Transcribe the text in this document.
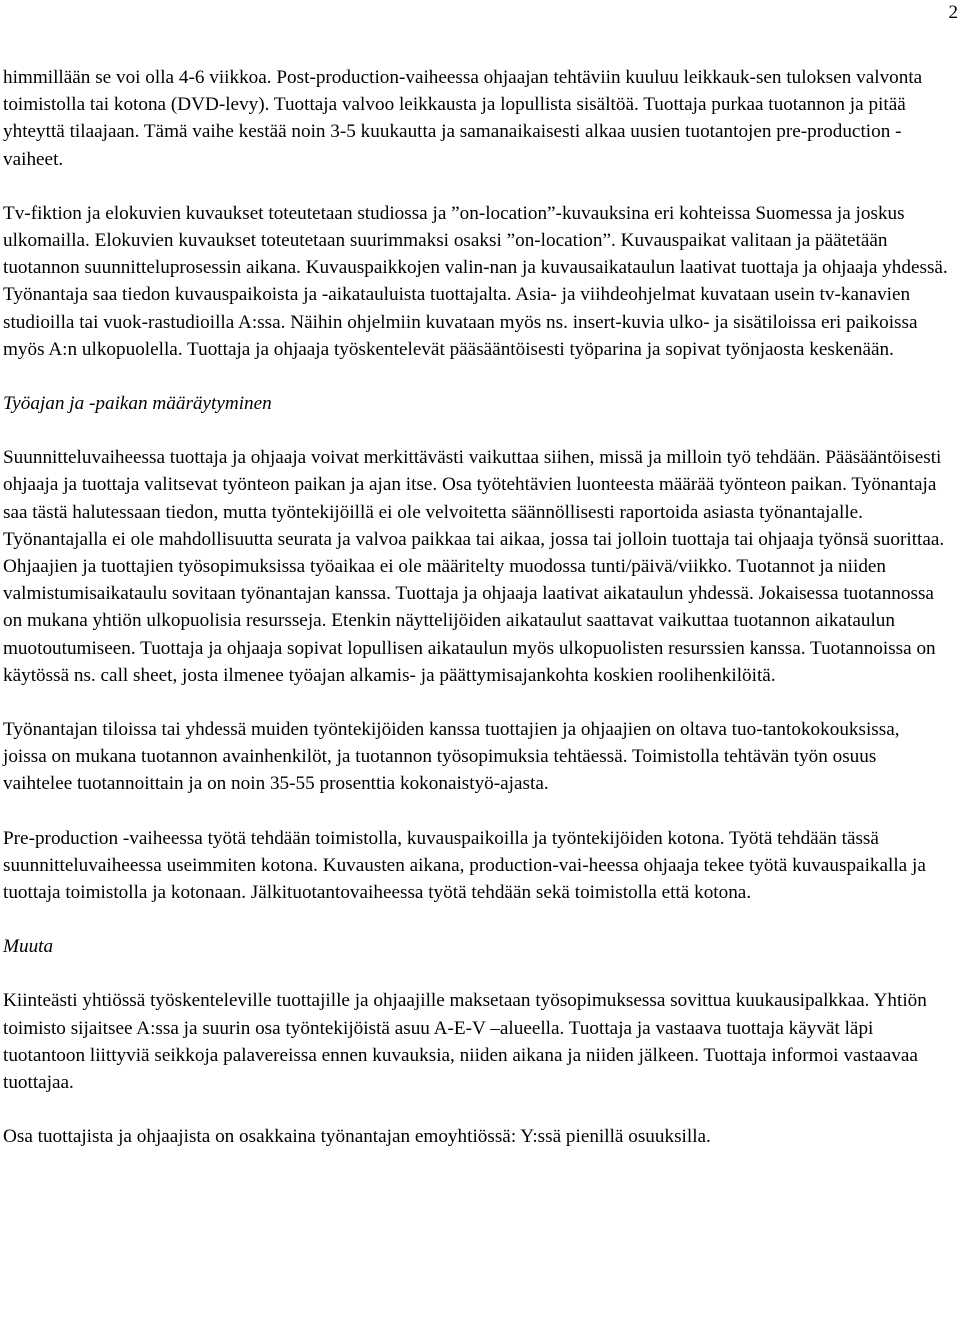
2

himmillään se voi olla 4-6 viikkoa. Post-production-vaiheessa ohjaajan tehtäviin kuuluu leikkauk-sen tuloksen valvonta toimistolla tai kotona (DVD-levy). Tuottaja valvoo leikkausta ja lopullista sisältöä. Tuottaja purkaa tuotannon ja pitää yhteyttä tilaajaan. Tämä vaihe kestää noin 3-5 kuukautta ja samanaikaisesti alkaa uusien tuotantojen pre-production -vaiheet.

Tv-fiktion ja elokuvien kuvaukset toteutetaan studiossa ja ”on-location”-kuvauksina eri kohteissa Suomessa ja joskus ulkomailla. Elokuvien kuvaukset toteutetaan suurimmaksi osaksi ”on-location”. Kuvauspaikat valitaan ja päätetään tuotannon suunnitteluprosessin aikana. Kuvauspaikkojen valin-nan ja kuvausaikataulun laativat tuottaja ja ohjaaja yhdessä. Työnantaja saa tiedon kuvauspaikoista ja -aikatauluista tuottajalta. Asia- ja viihdeohjelmat kuvataan usein tv-kanavien studioilla tai vuok-rastudioilla A:ssa. Näihin ohjelmiin kuvataan myös ns. insert-kuvia ulko- ja sisätiloissa eri paikoissa myös A:n ulkopuolella. Tuottaja ja ohjaaja työskentelevät pääsääntöisesti työparina ja sopivat työnjaosta keskenään.

Työajan ja -paikan määräytyminen

Suunnitteluvaiheessa tuottaja ja ohjaaja voivat merkittävästi vaikuttaa siihen, missä ja milloin työ tehdään. Pääsääntöisesti ohjaaja ja tuottaja valitsevat työnteon paikan ja ajan itse. Osa työtehtävien luonteesta määrää työnteon paikan. Työnantaja saa tästä halutessaan tiedon, mutta työntekijöillä ei ole velvoitetta säännöllisesti raportoida asiasta työnantajalle. Työnantajalla ei ole mahdollisuutta seurata ja valvoa paikkaa tai aikaa, jossa tai jolloin tuottaja tai ohjaaja työnsä suorittaa. Ohjaajien ja tuottajien työsopimuksissa työaikaa ei ole määritelty muodossa tunti/päivä/viikko. Tuotannot ja niiden valmistumisaikataulu sovitaan työnantajan kanssa. Tuottaja ja ohjaaja laativat aikataulun yhdessä. Jokaisessa tuotannossa on mukana yhtiön ulkopuolisia resursseja. Etenkin näyttelijöiden aikataulut saattavat vaikuttaa tuotannon aikataulun muotoutumiseen. Tuottaja ja ohjaaja sopivat lopullisen aikataulun myös ulkopuolisten resurssien kanssa. Tuotannoissa on käytössä ns. call sheet, josta ilmenee työajan alkamis- ja päättymisajankohta koskien roolihenkilöitä.

Työnantajan tiloissa tai yhdessä muiden työntekijöiden kanssa tuottajien ja ohjaajien on oltava tuo-tantokokouksissa, joissa on mukana tuotannon avainhenkilöt, ja tuotannon työsopimuksia tehtäessä. Toimistolla tehtävän työn osuus vaihtelee tuotannoittain ja on noin 35-55 prosenttia kokonaistyö-ajasta.

Pre-production -vaiheessa työtä tehdään toimistolla, kuvauspaikoilla ja työntekijöiden kotona. Työtä tehdään tässä suunnitteluvaiheessa useimmiten kotona. Kuvausten aikana, production-vai-heessa ohjaaja tekee työtä kuvauspaikalla ja tuottaja toimistolla ja kotonaan. Jälkituotantovaiheessa työtä tehdään sekä toimistolla että kotona.

Muuta

Kiinteästi yhtiössä työskenteleville tuottajille ja ohjaajille maksetaan työsopimuksessa sovittua kuukausipalkkaa. Yhtiön toimisto sijaitsee A:ssa ja suurin osa työntekijöistä asuu A-E-V –alueella. Tuottaja ja vastaava tuottaja käyvät läpi tuotantoon liittyviä seikkoja palavereissa ennen kuvauksia, niiden aikana ja niiden jälkeen. Tuottaja informoi vastaavaa tuottajaa.

Osa tuottajista ja ohjaajista on osakkaina työnantajan emoyhtiössä: Y:ssä pienillä osuuksilla.
